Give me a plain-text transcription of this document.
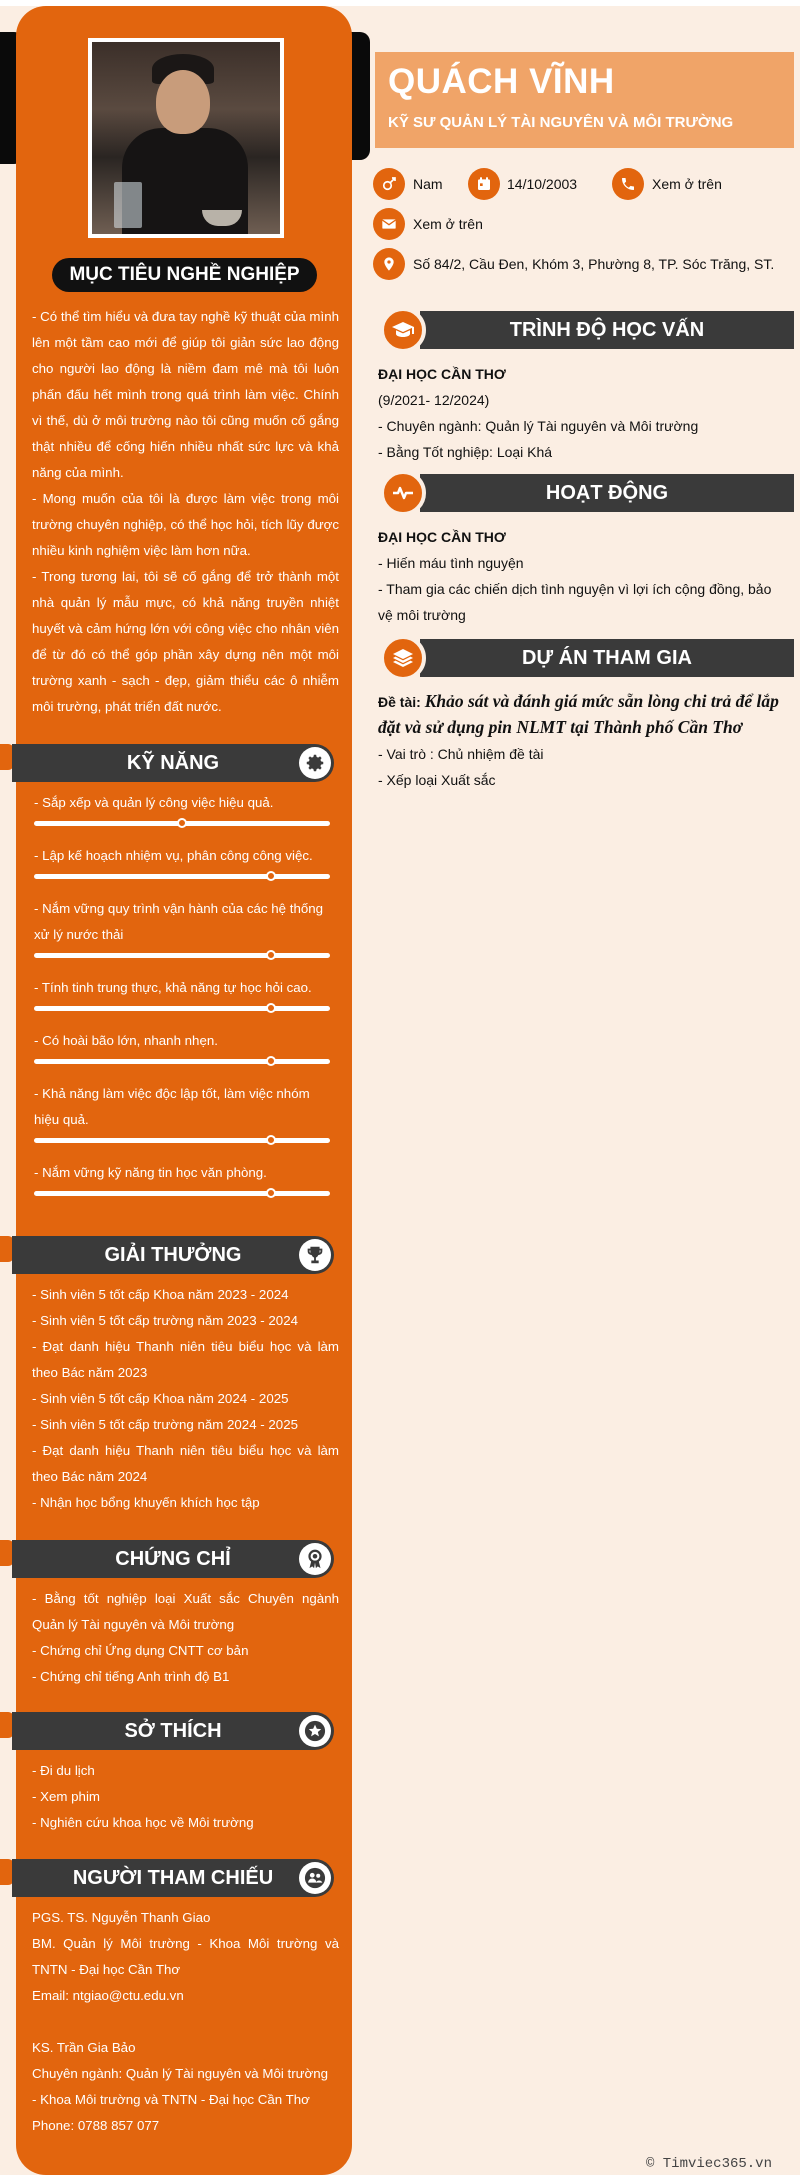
MỤC TIÊU NGHỀ NGHIỆP

- Có thể tìm hiểu và đưa tay nghề kỹ thuật của mình lên một tầm cao mới để giúp tôi giản sức lao động cho người lao động là niềm đam mê mà tôi luôn phấn đấu hết mình trong quá trình làm việc. Chính vì thế, dù ở môi trường nào tôi cũng muốn cố gắng thật nhiều để cống hiến nhiều nhất sức lực và khả năng của mình.

- Mong muốn của tôi là được làm việc trong môi trường chuyên nghiệp, có thể học hỏi, tích lũy được nhiều kinh nghiệm việc làm hơn nữa.

- Trong tương lai, tôi sẽ cố gắng để trở thành một nhà quản lý mẫu mực, có khả năng truyền nhiệt huyết và cảm hứng lớn với công việc cho nhân viên để từ đó có thể góp phần xây dựng nên một môi trường xanh - sạch - đẹp, giảm thiểu các ô nhiễm môi trường, phát triển đất nước.

KỸ NĂNG
- Sắp xếp và quản lý công việc hiệu quả.
- Lập kế hoạch nhiệm vụ, phân công công việc.
- Nắm vững quy trình vận hành của các hệ thống xử lý nước thải
- Tính tinh trung thực, khả năng tự học hỏi cao.
- Có hoài bão lớn, nhanh nhẹn.
- Khả năng làm việc độc lập tốt, làm việc nhóm hiệu quả.
- Nắm vững kỹ năng tin học văn phòng.
GIẢI THƯỞNG
- Sinh viên 5 tốt cấp Khoa năm 2023 - 2024
- Sinh viên 5 tốt cấp trường năm 2023 - 2024
- Đạt danh hiệu Thanh niên tiêu biểu học và làm theo Bác năm 2023
- Sinh viên 5 tốt cấp Khoa năm 2024 - 2025
- Sinh viên 5 tốt cấp trường năm 2024 - 2025
- Đạt danh hiệu Thanh niên tiêu biểu học và làm theo Bác năm 2024
- Nhận học bổng khuyến khích học tập
CHỨNG CHỈ
- Bằng tốt nghiệp loại Xuất sắc Chuyên ngành Quản lý Tài nguyên và Môi trường
- Chứng chỉ Ứng dụng CNTT cơ bản
- Chứng chỉ tiếng Anh trình độ B1
SỞ THÍCH
- Đi du lịch
- Xem phim
- Nghiên cứu khoa học về Môi trường
NGƯỜI THAM CHIẾU
PGS. TS. Nguyễn Thanh Giao
BM. Quản lý Môi trường - Khoa Môi trường và TNTN - Đại học Cần Thơ
Email: ntgiao@ctu.edu.vn
KS. Trần Gia Bảo
Chuyên ngành: Quản lý Tài nguyên và Môi trường
- Khoa Môi trường và TNTN - Đại học Cần Thơ
Phone: 0788 857 077
QUÁCH VĨNH
KỸ SƯ QUẢN LÝ TÀI NGUYÊN VÀ MÔI TRƯỜNG
Nam	14/10/2003	Xem ở trên
Xem ở trên
Số 84/2, Cầu Đen, Khóm 3, Phường 8, TP. Sóc Trăng, ST.
TRÌNH ĐỘ HỌC VẤN
ĐẠI HỌC CẦN THƠ
(9/2021- 12/2024)
- Chuyên ngành: Quản lý Tài nguyên và Môi trường
- Bằng Tốt nghiệp: Loại Khá
HOẠT ĐỘNG
ĐẠI HỌC CẦN THƠ
- Hiến máu tình nguyện
- Tham gia các chiến dịch tình nguyện vì lợi ích cộng đồng, bảo vệ môi trường
DỰ ÁN THAM GIA
Đề tài: Khảo sát và đánh giá mức sẵn lòng chi trả để lắp đặt và sử dụng pin NLMT tại Thành phố Cần Thơ
- Vai trò : Chủ nhiệm đề tài
- Xếp loại Xuất sắc
© Timviec365.vn
